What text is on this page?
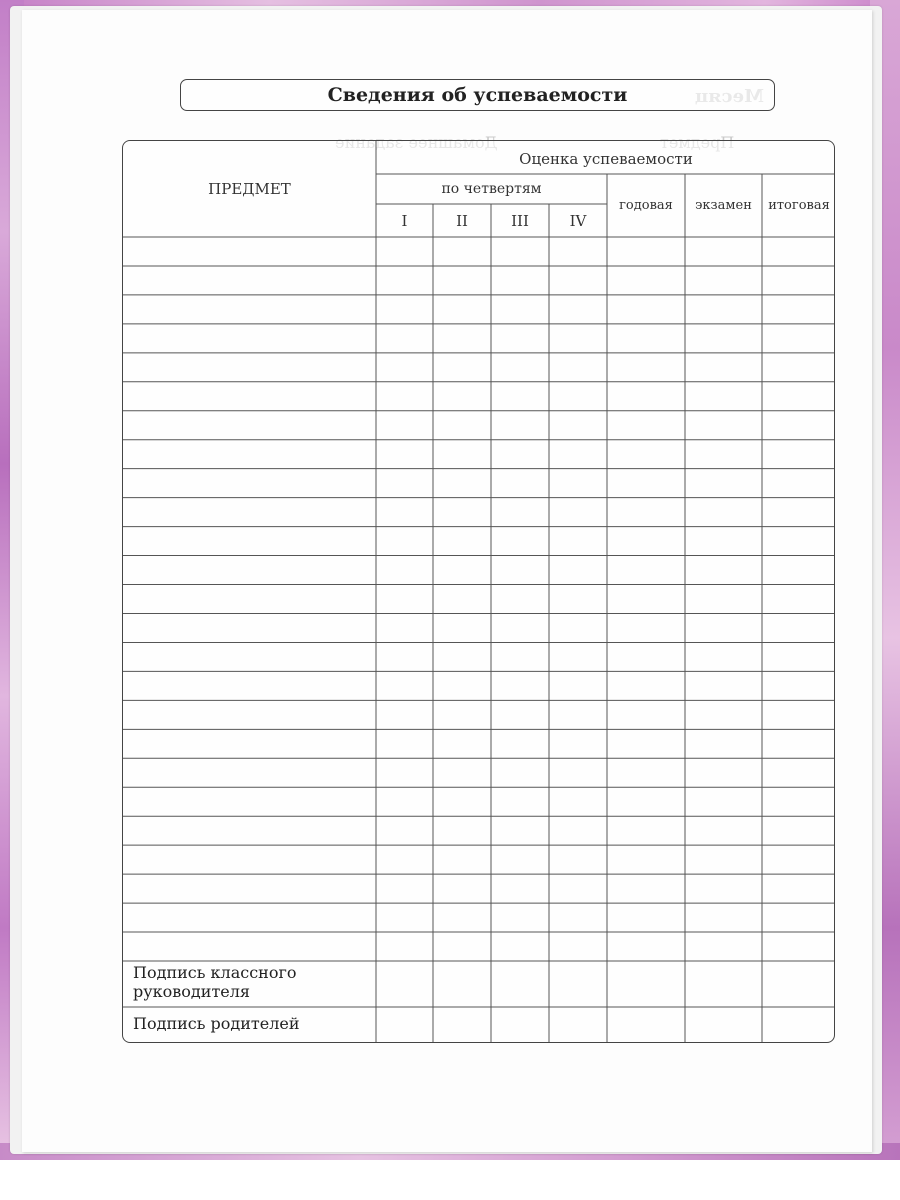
Сведения об успеваемости
ПРЕДМЕТ
Оценка успеваемости
по четвертям
I	II	III	IV
годовая	экзамен	итоговая
Подпись классного
руководителя
Подпись родителей
